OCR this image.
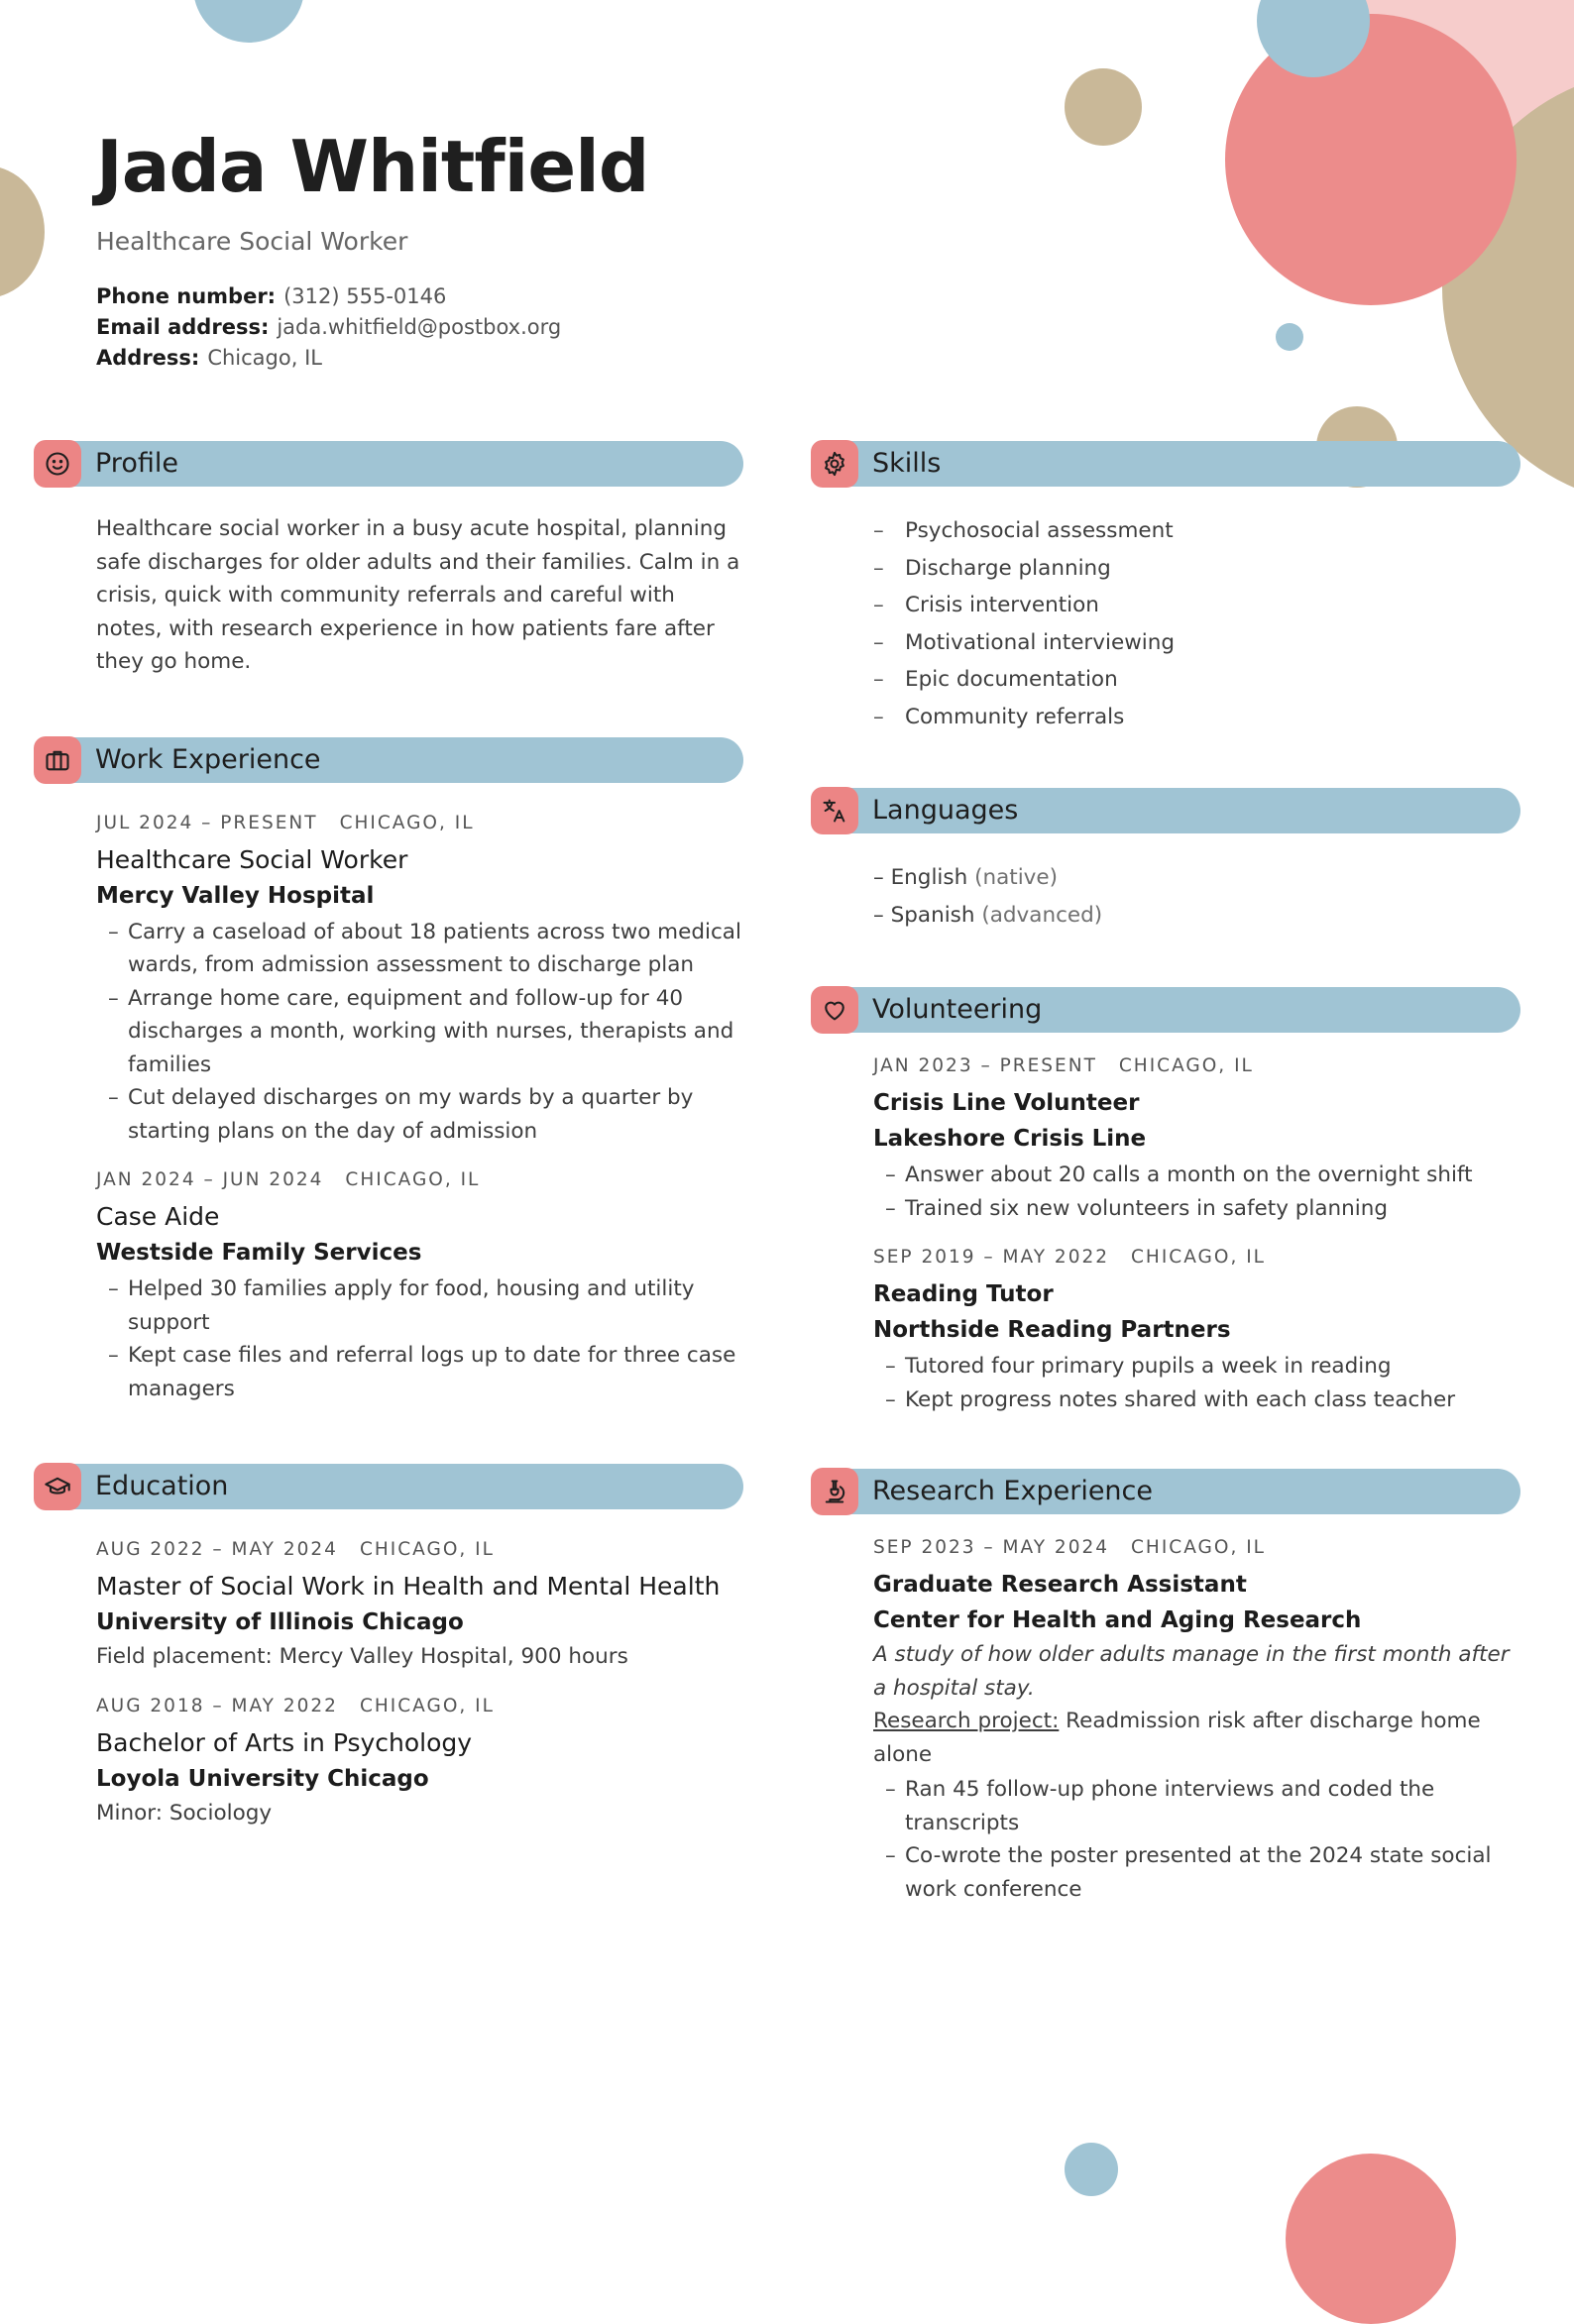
Jada Whitfield
Healthcare Social Worker
Phone number: (312) 555-0146
Email address: jada.whitfield@postbox.org
Address: Chicago, IL
Profile
Healthcare social worker in a busy acute hospital, planning safe discharges for older adults and their families. Calm in a crisis, quick with community referrals and careful with notes, with research experience in how patients fare after they go home.
Work Experience
JUL 2024 – PRESENT CHICAGO, IL
Healthcare Social Worker
Mercy Valley Hospital
– Carry a caseload of about 18 patients across two medical wards, from admission assessment to discharge plan
– Arrange home care, equipment and follow-up for 40 discharges a month, working with nurses, therapists and families
– Cut delayed discharges on my wards by a quarter by starting plans on the day of admission
JAN 2024 – JUN 2024 CHICAGO, IL
Case Aide
Westside Family Services
– Helped 30 families apply for food, housing and utility support
– Kept case files and referral logs up to date for three case managers
Education
AUG 2022 – MAY 2024 CHICAGO, IL
Master of Social Work in Health and Mental Health
University of Illinois Chicago
Field placement: Mercy Valley Hospital, 900 hours
AUG 2018 – MAY 2022 CHICAGO, IL
Bachelor of Arts in Psychology
Loyola University Chicago
Minor: Sociology
Skills
– Psychosocial assessment
– Discharge planning
– Crisis intervention
– Motivational interviewing
– Epic documentation
– Community referrals
Languages
– English (native)
– Spanish (advanced)
Volunteering
JAN 2023 – PRESENT CHICAGO, IL
Crisis Line Volunteer
Lakeshore Crisis Line
– Answer about 20 calls a month on the overnight shift
– Trained six new volunteers in safety planning
SEP 2019 – MAY 2022 CHICAGO, IL
Reading Tutor
Northside Reading Partners
– Tutored four primary pupils a week in reading
– Kept progress notes shared with each class teacher
Research Experience
SEP 2023 – MAY 2024 CHICAGO, IL
Graduate Research Assistant
Center for Health and Aging Research
A study of how older adults manage in the first month after a hospital stay.
Research project: Readmission risk after discharge home alone
– Ran 45 follow-up phone interviews and coded the transcripts
– Co-wrote the poster presented at the 2024 state social work conference
